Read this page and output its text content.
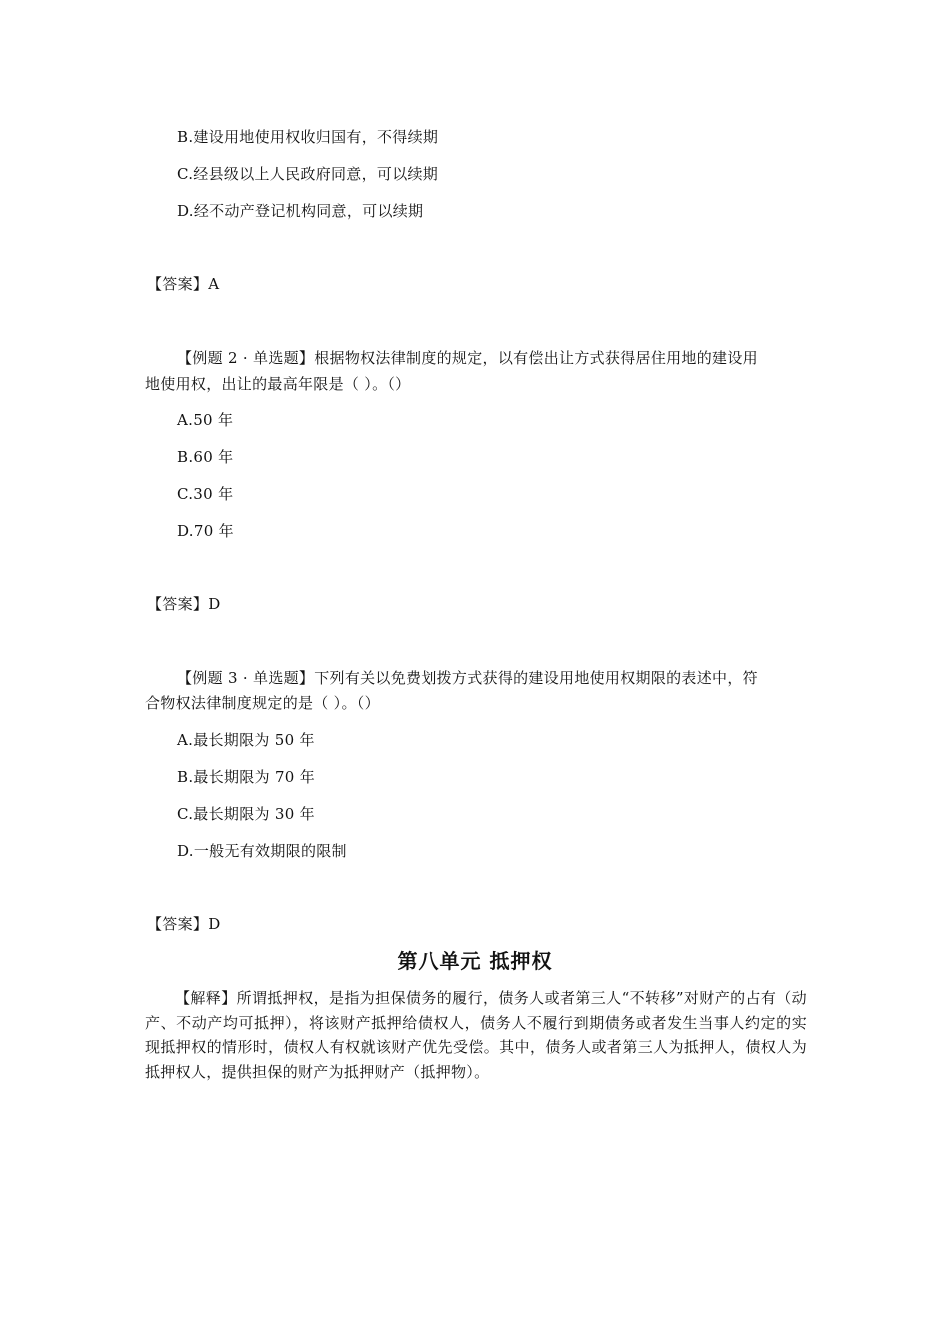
B.建设用地使用权收归国有，不得续期
C.经县级以上人民政府同意，可以续期
D.经不动产登记机构同意，可以续期
【答案】A
【例题 2 · 单选题】根据物权法律制度的规定，以有偿出让方式获得居住用地的建设用
地使用权，出让的最高年限是（ ）。（）
A.50 年
B.60 年
C.30 年
D.70 年
【答案】D
【例题 3 · 单选题】下列有关以免费划拨方式获得的建设用地使用权期限的表述中，符
合物权法律制度规定的是（ ）。（）
A.最长期限为 50 年
B.最长期限为 70 年
C.最长期限为 30 年
D.一般无有效期限的限制
【答案】D
第八单元 抵押权
【解释】所谓抵押权，是指为担保债务的履行，债务人或者第三人“不转移”对财产的占有（动产、不动产均可抵押），将该财产抵押给债权人，债务人不履行到期债务或者发生当事人约定的实现抵押权的情形时，债权人有权就该财产优先受偿。其中，债务人或者第三人为抵押人，债权人为抵押权人，提供担保的财产为抵押财产（抵押物）。
